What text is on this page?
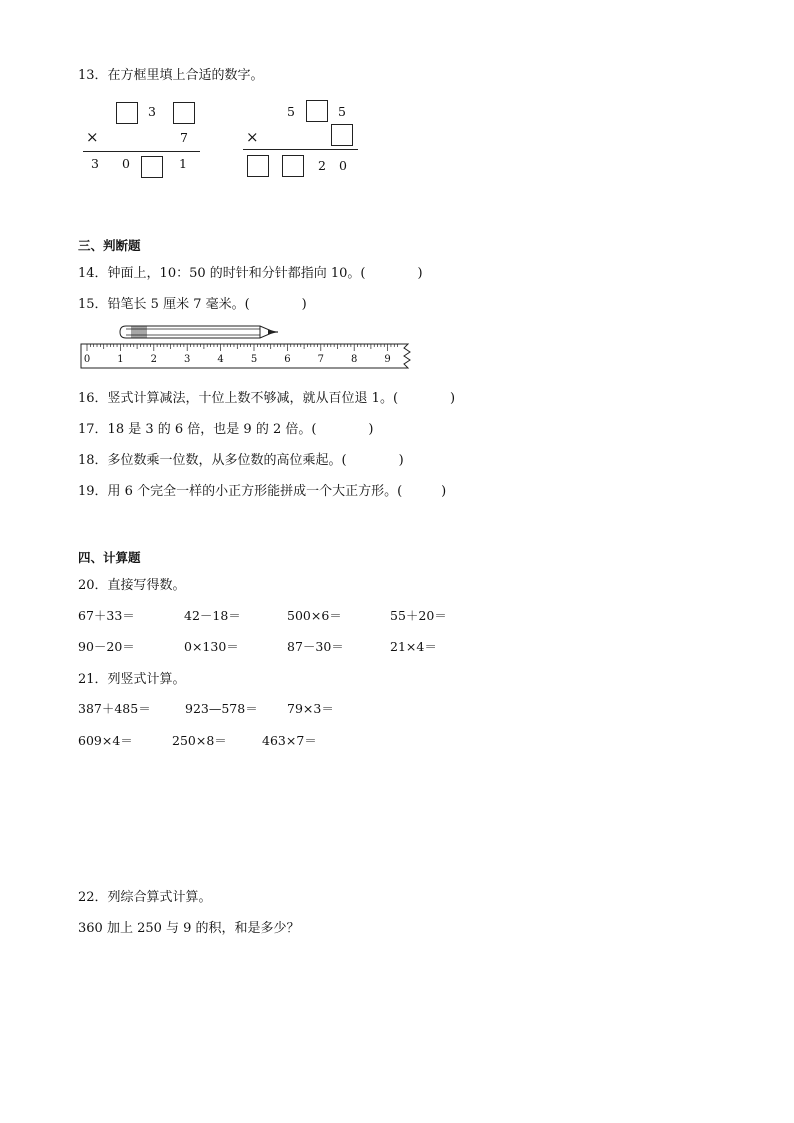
13．在方框里填上合适的数字。
3
×	7
3 0	1
5	5
×
2 0
三、判断题
14．钟面上，10：50 的时针和分针都指向 10。(　　　　)
15．铅笔长 5 厘米 7 毫米。(　　　　)
0	1	2	3	4	5	6	7	8	9
16．竖式计算减法，十位上数不够减，就从百位退 1。(　　　　)
17．18 是 3 的 6 倍，也是 9 的 2 倍。(　　　　)
18．多位数乘一位数，从多位数的高位乘起。(　　　　)
19．用 6 个完全一样的小正方形能拼成一个大正方形。(　　　)
四、计算题
20．直接写得数。
67＋33＝	42－18＝	500×6＝	55＋20＝
90－20＝	0×130＝	87－30＝	21×4＝
21．列竖式计算。
387＋485＝	923—578＝ 79×3＝
609×4＝	250×8＝	463×7＝
22．列综合算式计算。
360 加上 250 与 9 的积，和是多少？
